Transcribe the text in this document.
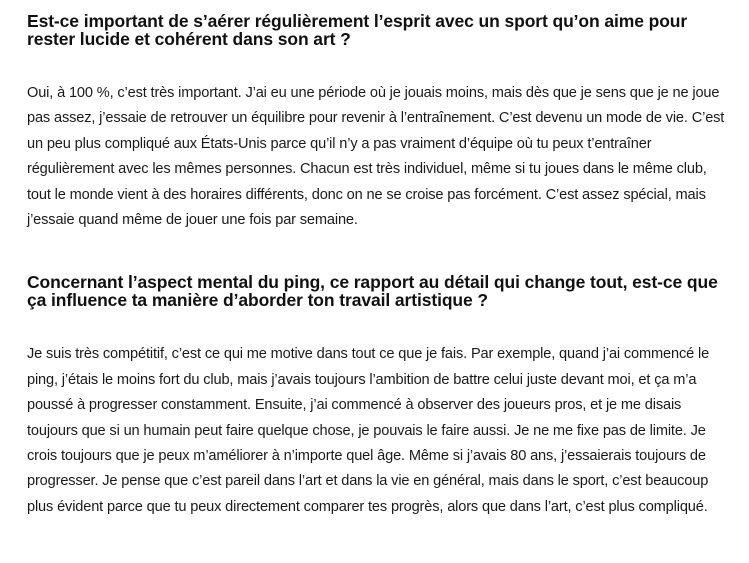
Est-ce important de s’aérer régulièrement l’esprit avec un sport qu’on aime pour rester lucide et cohérent dans son art ?

Oui, à 100 %, c’est très important. J’ai eu une période où je jouais moins, mais dès que je sens que je ne joue pas assez, j’essaie de retrouver un équilibre pour revenir à l’entraînement. C’est devenu un mode de vie. C’est un peu plus compliqué aux États-Unis parce qu’il n’y a pas vraiment d’équipe où tu peux t’entraîner régulièrement avec les mêmes personnes. Chacun est très individuel, même si tu joues dans le même club, tout le monde vient à des horaires différents, donc on ne se croise pas forcément. C’est assez spécial, mais j’essaie quand même de jouer une fois par semaine.

Concernant l’aspect mental du ping, ce rapport au détail qui change tout, est-ce que ça influence ta manière d’aborder ton travail artistique ?

Je suis très compétitif, c’est ce qui me motive dans tout ce que je fais. Par exemple, quand j’ai commencé le ping, j’étais le moins fort du club, mais j’avais toujours l’ambition de battre celui juste devant moi, et ça m’a poussé à progresser constamment. Ensuite, j’ai commencé à observer des joueurs pros, et je me disais toujours que si un humain peut faire quelque chose, je pouvais le faire aussi. Je ne me fixe pas de limite. Je crois toujours que je peux m’améliorer à n’importe quel âge. Même si j’avais 80 ans, j’essaierais toujours de progresser. Je pense que c’est pareil dans l’art et dans la vie en général, mais dans le sport, c’est beaucoup plus évident parce que tu peux directement comparer tes progrès, alors que dans l’art, c’est plus compliqué.
